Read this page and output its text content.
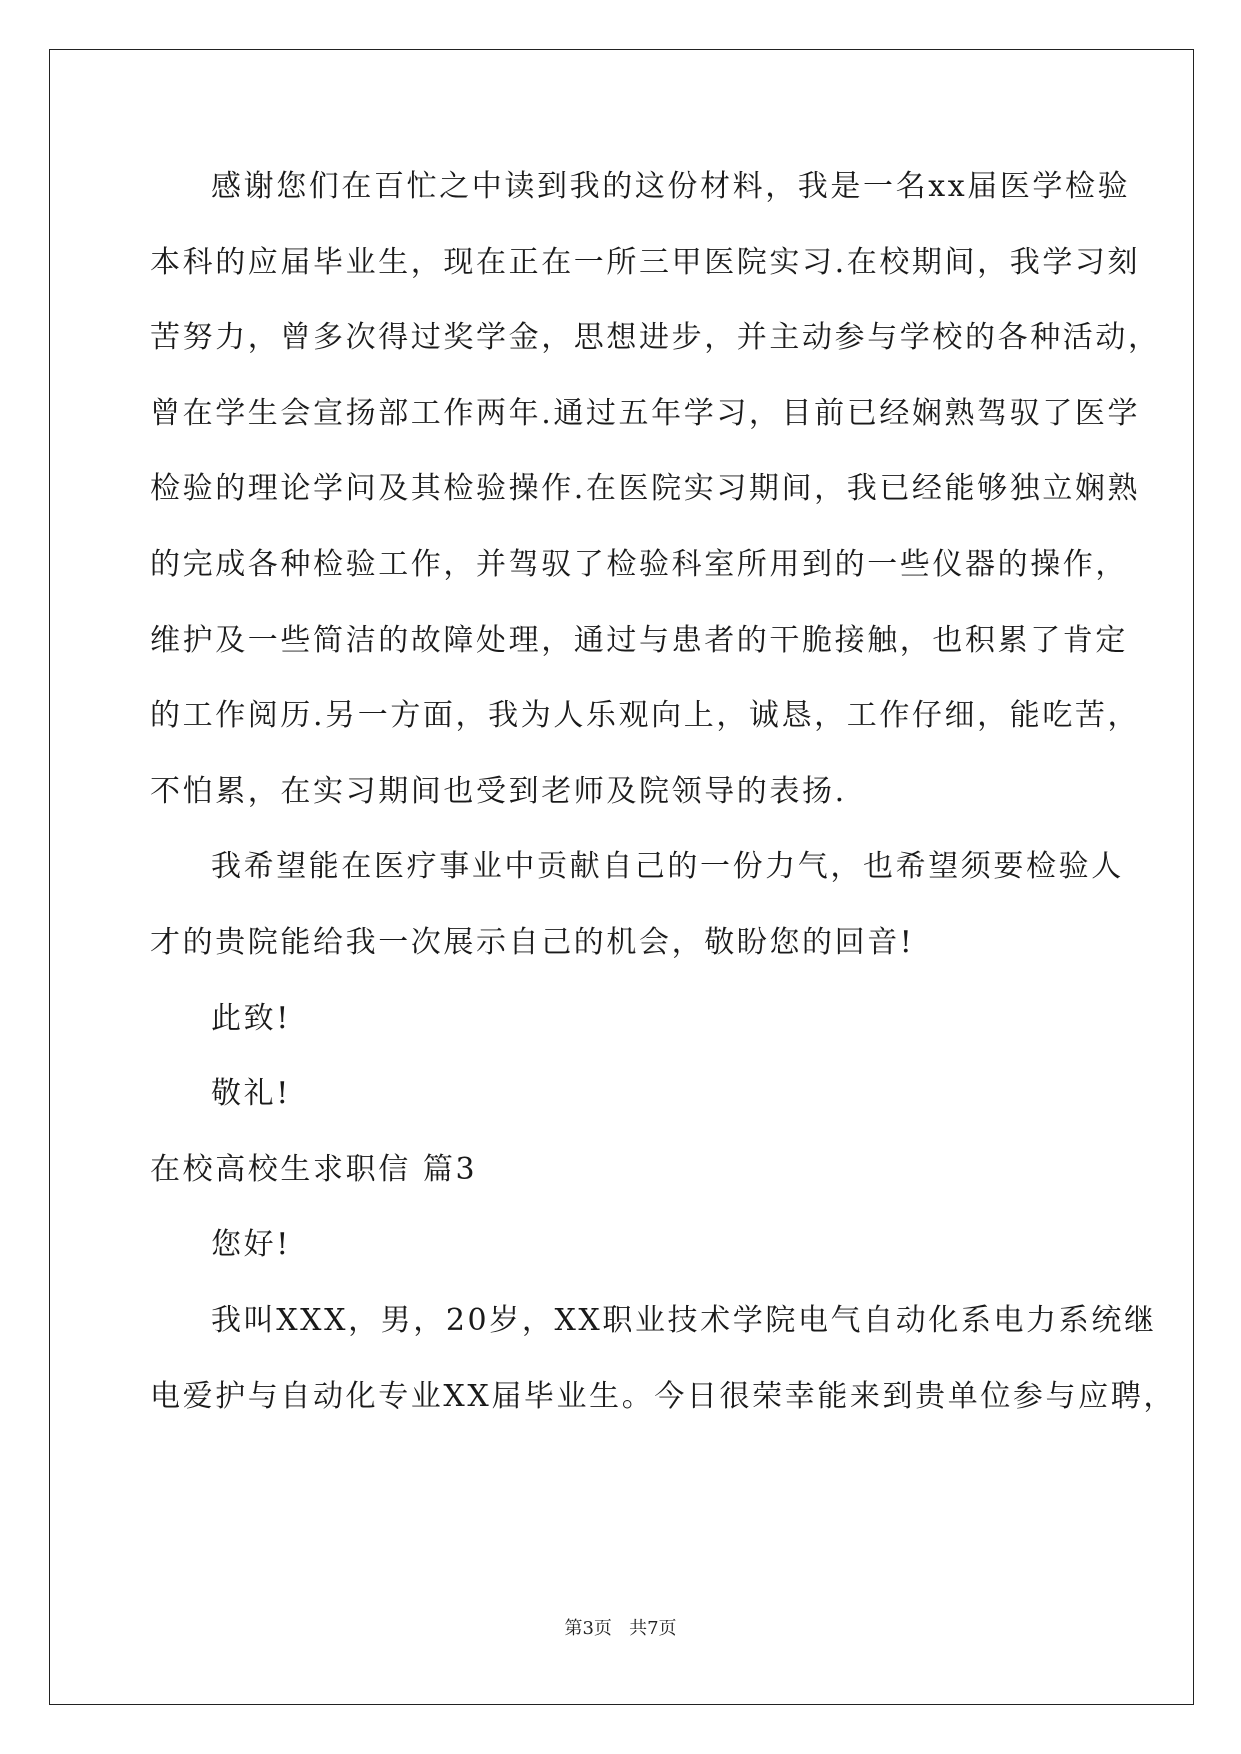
感谢您们在百忙之中读到我的这份材料，我是一名xx届医学检验
本科的应届毕业生，现在正在一所三甲医院实习.在校期间，我学习刻
苦努力，曾多次得过奖学金，思想进步，并主动参与学校的各种活动，
曾在学生会宣扬部工作两年.通过五年学习，目前已经娴熟驾驭了医学
检验的理论学问及其检验操作.在医院实习期间，我已经能够独立娴熟
的完成各种检验工作，并驾驭了检验科室所用到的一些仪器的操作，
维护及一些简洁的故障处理，通过与患者的干脆接触，也积累了肯定
的工作阅历.另一方面，我为人乐观向上，诚恳，工作仔细，能吃苦，
不怕累，在实习期间也受到老师及院领导的表扬.
我希望能在医疗事业中贡献自己的一份力气，也希望须要检验人
才的贵院能给我一次展示自己的机会，敬盼您的回音!
此致!
敬礼!
在校高校生求职信 篇3
您好!
我叫XXX，男，20岁，XX职业技术学院电气自动化系电力系统继
电爱护与自动化专业XX届毕业生。今日很荣幸能来到贵单位参与应聘，
第3页   共7页
